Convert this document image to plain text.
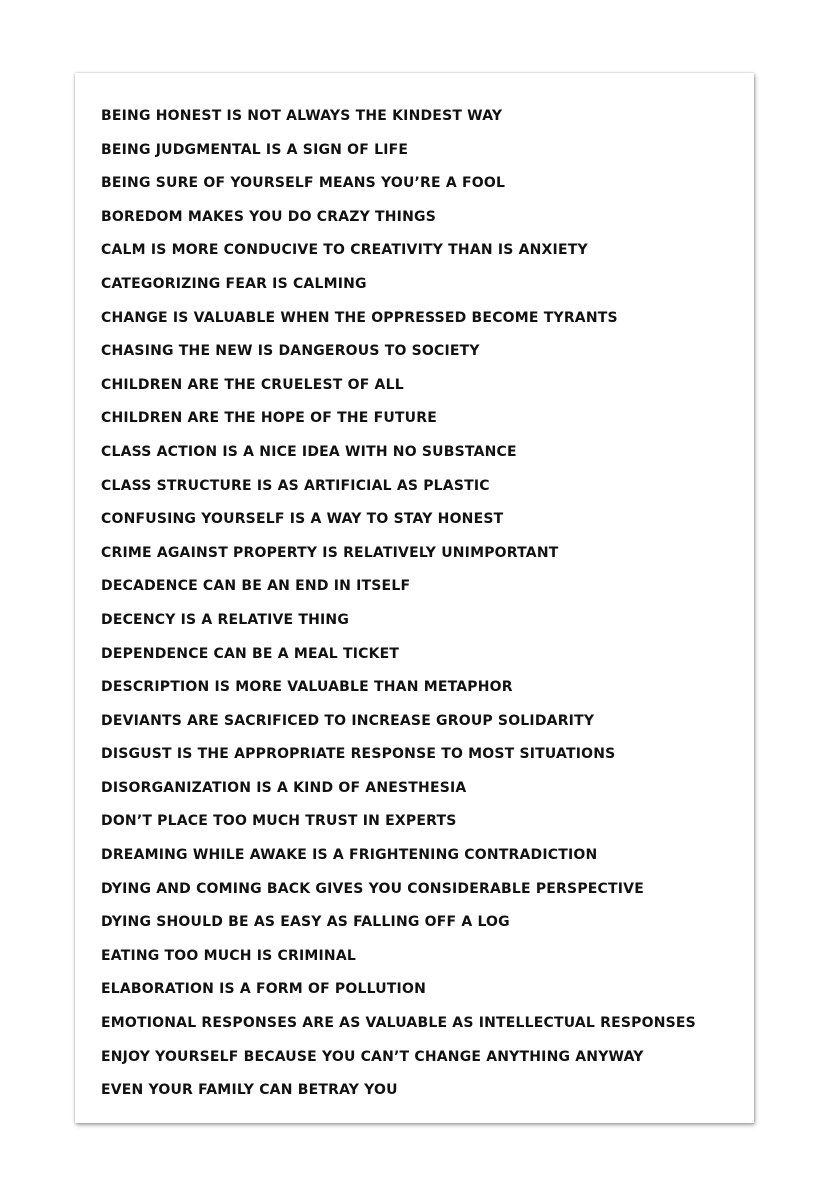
BEING HONEST IS NOT ALWAYS THE KINDEST WAY
BEING JUDGMENTAL IS A SIGN OF LIFE
BEING SURE OF YOURSELF MEANS YOU’RE A FOOL
BOREDOM MAKES YOU DO CRAZY THINGS
CALM IS MORE CONDUCIVE TO CREATIVITY THAN IS ANXIETY
CATEGORIZING FEAR IS CALMING
CHANGE IS VALUABLE WHEN THE OPPRESSED BECOME TYRANTS
CHASING THE NEW IS DANGEROUS TO SOCIETY
CHILDREN ARE THE CRUELEST OF ALL
CHILDREN ARE THE HOPE OF THE FUTURE
CLASS ACTION IS A NICE IDEA WITH NO SUBSTANCE
CLASS STRUCTURE IS AS ARTIFICIAL AS PLASTIC
CONFUSING YOURSELF IS A WAY TO STAY HONEST
CRIME AGAINST PROPERTY IS RELATIVELY UNIMPORTANT
DECADENCE CAN BE AN END IN ITSELF
DECENCY IS A RELATIVE THING
DEPENDENCE CAN BE A MEAL TICKET
DESCRIPTION IS MORE VALUABLE THAN METAPHOR
DEVIANTS ARE SACRIFICED TO INCREASE GROUP SOLIDARITY
DISGUST IS THE APPROPRIATE RESPONSE TO MOST SITUATIONS
DISORGANIZATION IS A KIND OF ANESTHESIA
DON’T PLACE TOO MUCH TRUST IN EXPERTS
DREAMING WHILE AWAKE IS A FRIGHTENING CONTRADICTION
DYING AND COMING BACK GIVES YOU CONSIDERABLE PERSPECTIVE
DYING SHOULD BE AS EASY AS FALLING OFF A LOG
EATING TOO MUCH IS CRIMINAL
ELABORATION IS A FORM OF POLLUTION
EMOTIONAL RESPONSES ARE AS VALUABLE AS INTELLECTUAL RESPONSES
ENJOY YOURSELF BECAUSE YOU CAN’T CHANGE ANYTHING ANYWAY
EVEN YOUR FAMILY CAN BETRAY YOU
